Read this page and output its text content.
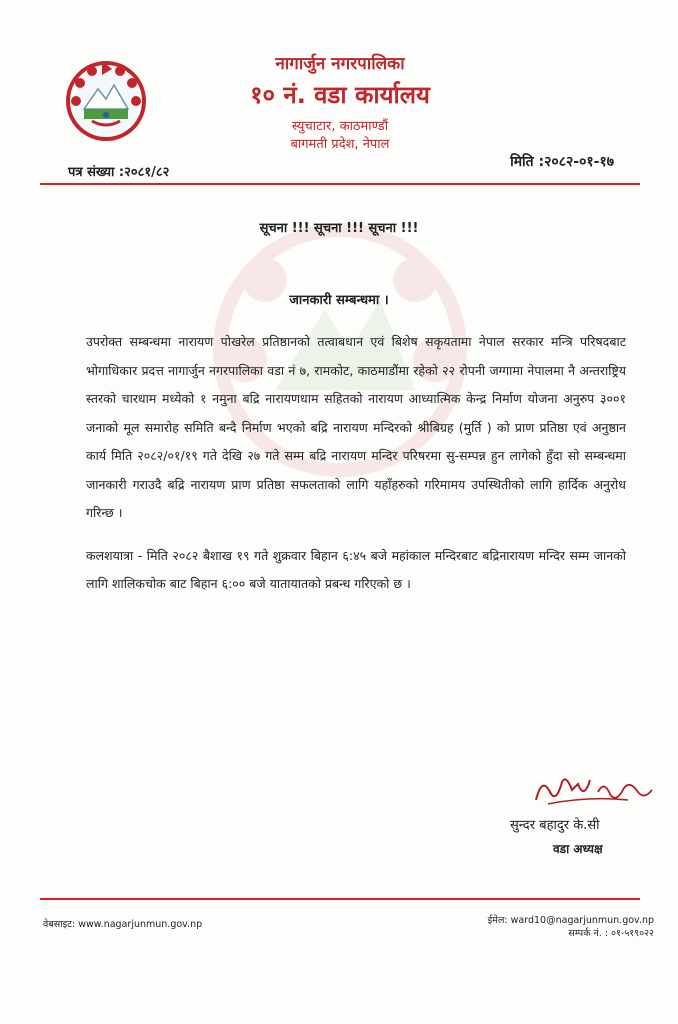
नागार्जुन नगरपालिका
१० नं. वडा कार्यालय
स्युचाटार, काठमाण्डौं
बागमती प्रदेश, नेपाल
पत्र संख्या :२०८१/८२
मिति :२०८२-०१-१७
सूचना !!! सूचना !!! सूचना !!!
जानकारी सम्बन्धमा ।

उपरोक्त सम्बन्धमा नारायण पोखरेल प्रतिष्ठानको तत्वाबधान एवं बिशेष सकृयतामा नेपाल सरकार मन्त्रि परिषदबाट भोगाधिकार प्रदत्त नागार्जुन नगरपालिका वडा नं ७, रामकोट, काठमाडौंमा रहेको २२ रोपनी जग्गामा नेपालमा नै अन्तराष्ट्रिय स्तरको चारधाम मध्येको १ नमुना बद्रि नारायणधाम सहितको नारायण आध्यात्मिक केन्द्र निर्माण योजना अनुरुप ३००१ जनाको मूल समारोह समिति बन्दै निर्माण भएको बद्रि नारायण मन्दिरको श्रीबिग्रह (मुर्ति ) को प्राण प्रतिष्ठा एवं अनुष्ठान कार्य मिति २०८२/०१/१९ गते देखि २७ गते सम्म बद्रि नारायण मन्दिर परिषरमा सु-सम्पन्न हुन लागेको हुँदा सो सम्बन्धमा जानकारी गराउदै बद्रि नारायण प्राण प्रतिष्ठा सफलताको लागि यहाँहरुको गरिमामय उपस्थितीको लागि हार्दिक अनुरोध गरिन्छ ।

कलशयात्रा - मिति २०८२ बैशाख १९ गते शुक्रवार बिहान ६:४५ बजे महांकाल मन्दिरबाट बद्रिनारायण मन्दिर सम्म जानको लागि शालिकचोक बाट बिहान ६:०० बजे यातायातको प्रबन्ध गरिएको छ ।

सुन्दर बहादुर के.सी
वडा अध्यक्ष
वेबसाइट: www.nagarjunmun.gov.np	ईमेल: ward10@nagarjunmun.gov.np
सम्पर्क नं. : ०१-५१९०२२
